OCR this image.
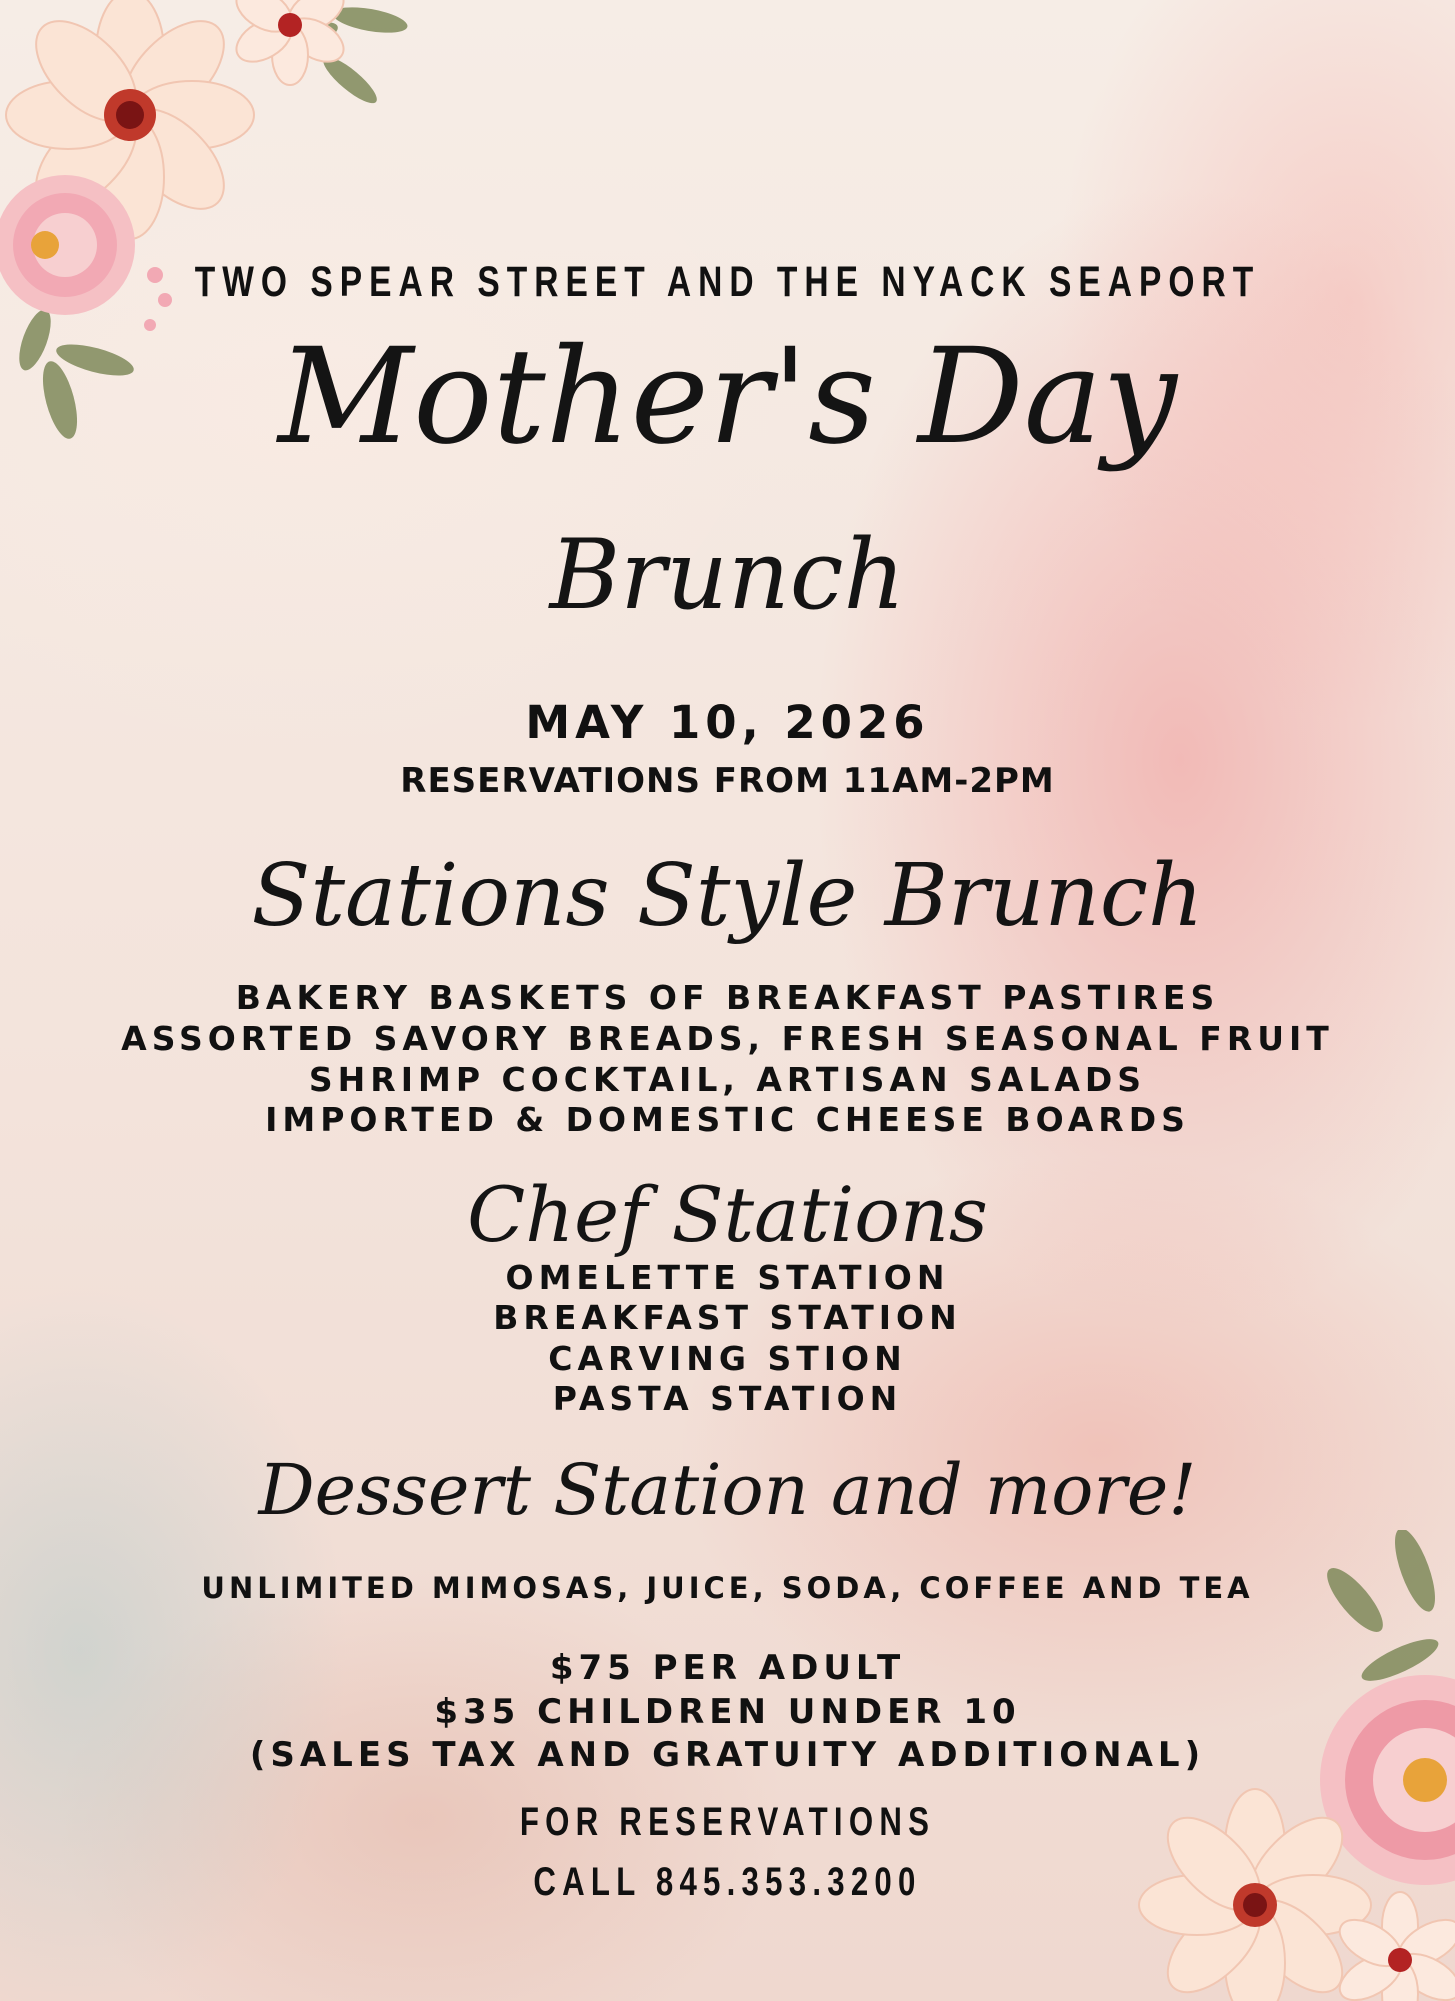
TWO SPEAR STREET AND THE NYACK SEAPORT

Mother's Day

Brunch

MAY 10, 2026

RESERVATIONS FROM 11AM-2PM

Stations Style Brunch

BAKERY BASKETS OF BREAKFAST PASTIRES

ASSORTED SAVORY BREADS, FRESH SEASONAL FRUIT

SHRIMP COCKTAIL, ARTISAN SALADS

IMPORTED & DOMESTIC CHEESE BOARDS

Chef Stations

OMELETTE STATION

BREAKFAST STATION

CARVING STION

PASTA STATION

Dessert Station and more!

UNLIMITED MIMOSAS, JUICE, SODA, COFFEE AND TEA

$75 PER ADULT

$35 CHILDREN UNDER 10

(SALES TAX AND GRATUITY ADDITIONAL)

FOR RESERVATIONS

CALL 845.353.3200
